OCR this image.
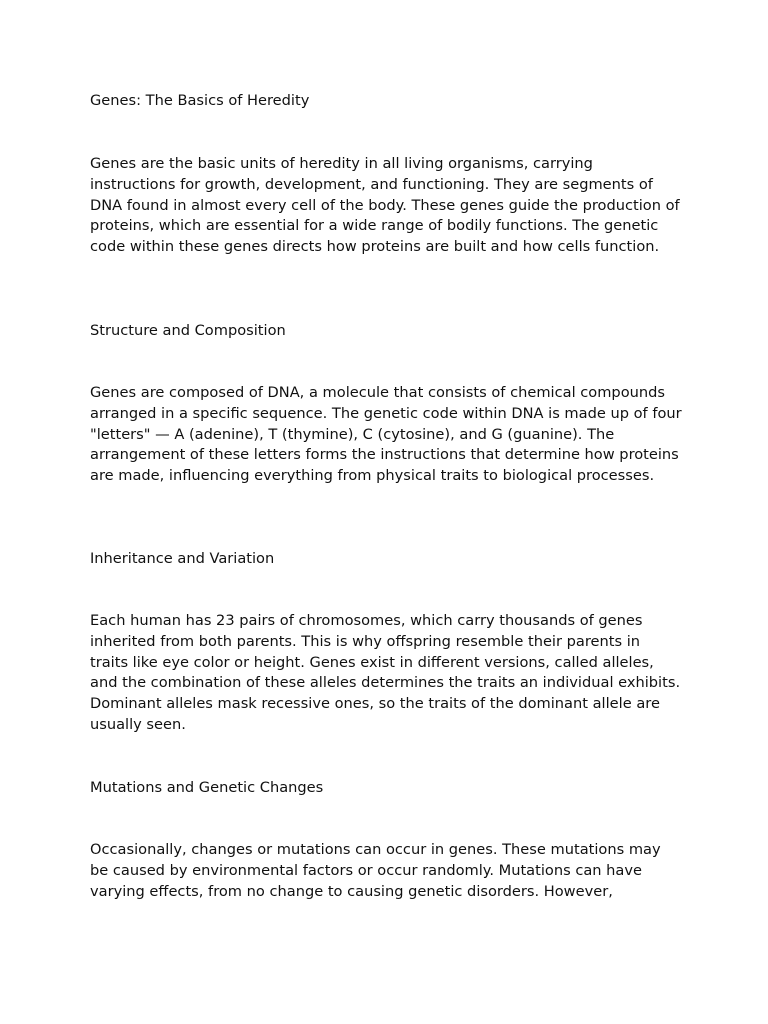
Genes: The Basics of Heredity

Genes are the basic units of heredity in all living organisms, carrying instructions for growth, development, and functioning. They are segments of DNA found in almost every cell of the body. These genes guide the production of proteins, which are essential for a wide range of bodily functions. The genetic code within these genes directs how proteins are built and how cells function.

Structure and Composition

Genes are composed of DNA, a molecule that consists of chemical compounds arranged in a specific sequence. The genetic code within DNA is made up of four "letters" — A (adenine), T (thymine), C (cytosine), and G (guanine). The arrangement of these letters forms the instructions that determine how proteins are made, influencing everything from physical traits to biological processes.

Inheritance and Variation

Each human has 23 pairs of chromosomes, which carry thousands of genes inherited from both parents. This is why offspring resemble their parents in traits like eye color or height. Genes exist in different versions, called alleles, and the combination of these alleles determines the traits an individual exhibits. Dominant alleles mask recessive ones, so the traits of the dominant allele are usually seen.

Mutations and Genetic Changes

Occasionally, changes or mutations can occur in genes. These mutations may be caused by environmental factors or occur randomly. Mutations can have varying effects, from no change to causing genetic disorders. However,
